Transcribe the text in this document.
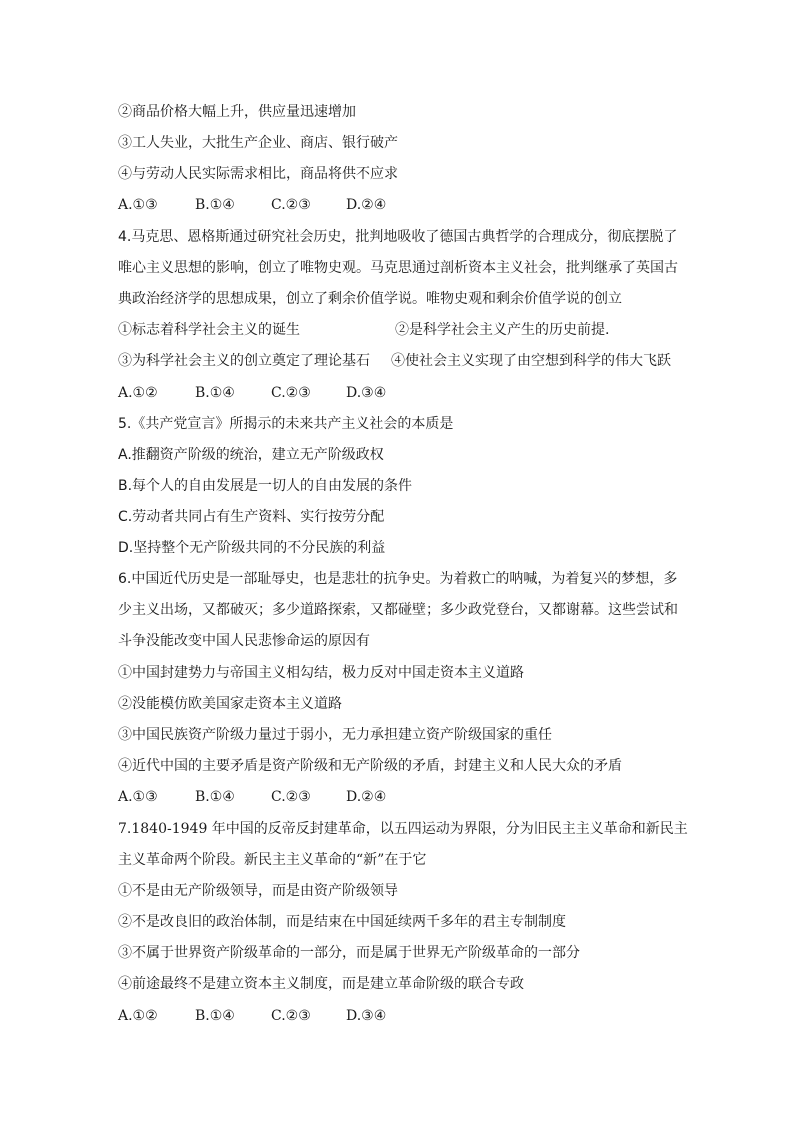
②商品价格大幅上升，供应量迅速增加
③工人失业，大批生产企业、商店、银行破产
④与劳动人民实际需求相比，商品将供不应求
A.①③	B.①④	C.②③	D.②④
4.马克思、恩格斯通过研究社会历史，批判地吸收了德国古典哲学的合理成分，彻底摆脱了
唯心主义思想的影响，创立了唯物史观。马克思通过剖析资本主义社会，批判继承了英国古
典政治经济学的思想成果，创立了剩余价值学说。唯物史观和剩余价值学说的创立
①标志着科学社会主义的诞生	②是科学社会主义产生的历史前提.
③为科学社会主义的创立奠定了理论基石 ④使社会主义实现了由空想到科学的伟大飞跃
A.①②	B.①④	C.②③	D.③④
5.《共产党宣言》所揭示的未来共产主义社会的本质是
A.推翻资产阶级的统治，建立无产阶级政权
B.每个人的自由发展是一切人的自由发展的条件
C.劳动者共同占有生产资料、实行按劳分配
D.坚持整个无产阶级共同的不分民族的利益
6.中国近代历史是一部耻辱史，也是悲壮的抗争史。为着救亡的呐喊，为着复兴的梦想，多
少主义出场，又都破灭；多少道路探索，又都碰壁；多少政党登台，又都谢幕。这些尝试和
斗争没能改变中国人民悲惨命运的原因有
①中国封建势力与帝国主义相勾结，极力反对中国走资本主义道路
②没能模仿欧美国家走资本主义道路
③中国民族资产阶级力量过于弱小，无力承担建立资产阶级国家的重任
④近代中国的主要矛盾是资产阶级和无产阶级的矛盾，封建主义和人民大众的矛盾
A.①③	B.①④	C.②③	D.②④
7.1840-1949 年中国的反帝反封建革命，以五四运动为界限，分为旧民主主义革命和新民主
主义革命两个阶段。新民主主义革命的“新”在于它
①不是由无产阶级领导，而是由资产阶级领导
②不是改良旧的政治体制，而是结束在中国延续两千多年的君主专制制度
③不属于世界资产阶级革命的一部分，而是属于世界无产阶级革命的一部分
④前途最终不是建立资本主义制度，而是建立革命阶级的联合专政
A.①②	B.①④	C.②③	D.③④
